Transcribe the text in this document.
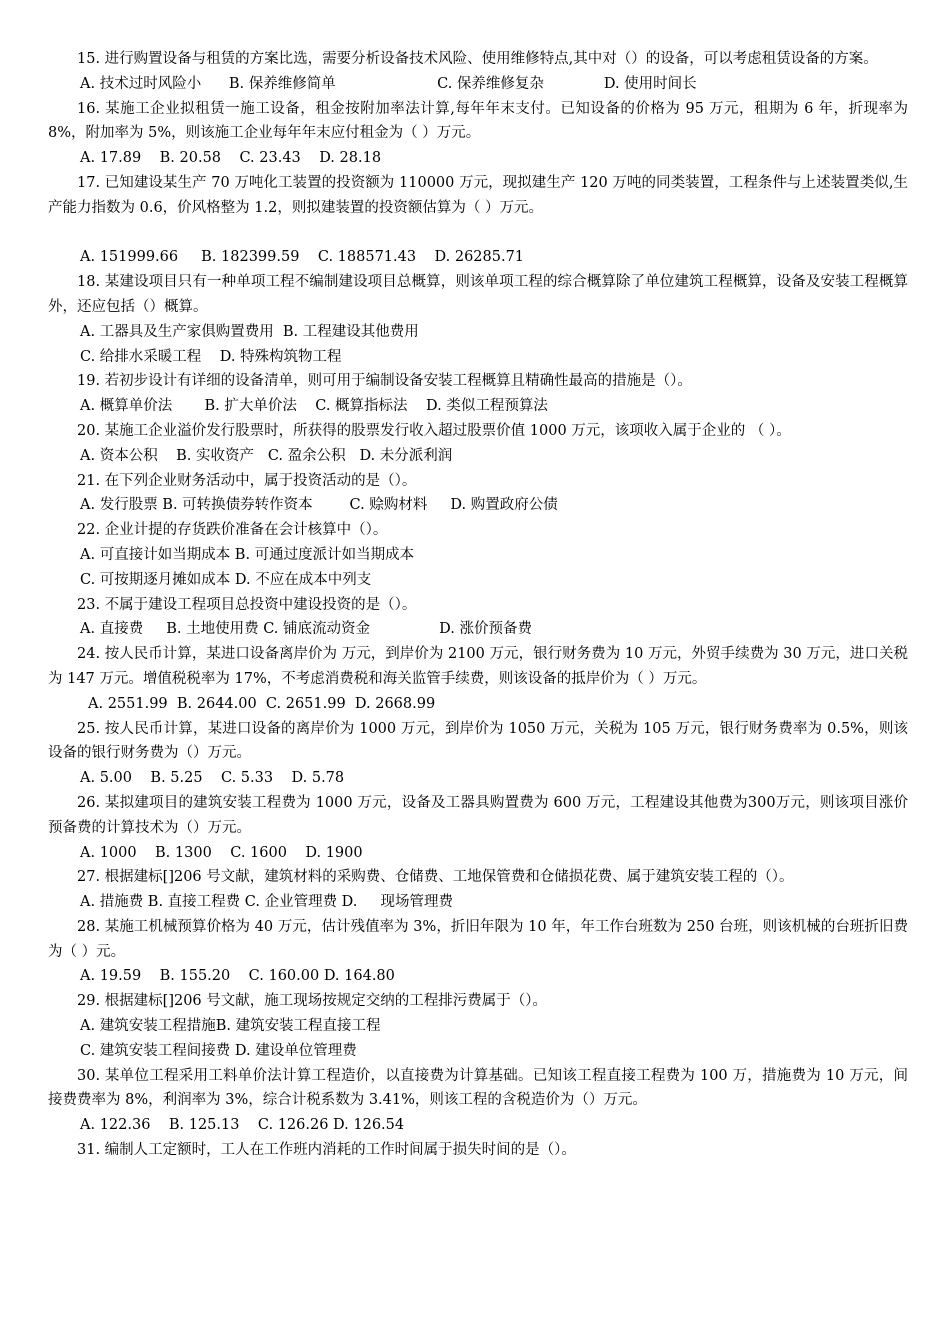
15. 进行购置设备与租赁的方案比选，需要分析设备技术风险、使用维修特点,其中对（）的设备，可以考虑租赁设备的方案。
A. 技术过时风险小      B. 保养维修简单                      C. 保养维修复杂             D. 使用时间长
16. 某施工企业拟租赁一施工设备，租金按附加率法计算,每年年末支付。已知设备的价格为 95 万元，租期为 6 年，折现率为 8%，附加率为 5%，则该施工企业每年年末应付租金为（ ）万元。
A. 17.89    B. 20.58    C. 23.43    D. 28.18
17. 已知建设某生产 70 万吨化工装置的投资额为 110000 万元，现拟建生产 120 万吨的同类装置，工程条件与上述装置类似,生产能力指数为 0.6，价风格整为 1.2，则拟建装置的投资额估算为（ ）万元。
A. 151999.66     B. 182399.59    C. 188571.43    D. 26285.71
18. 某建设项目只有一种单项工程不编制建设项目总概算，则该单项工程的综合概算除了单位建筑工程概算，设备及安装工程概算外，还应包括（）概算。
A. 工器具及生产家俱购置费用  B. 工程建设其他费用
C. 给排水采暖工程    D. 特殊构筑物工程
19. 若初步设计有详细的设备清单，则可用于编制设备安装工程概算且精确性最高的措施是（）。
A. 概算单价法       B. 扩大单价法    C. 概算指标法    D. 类似工程预算法
20. 某施工企业溢价发行股票时，所获得的股票发行收入超过股票价值 1000 万元，该项收入属于企业的 （ ）。
A. 资本公积    B. 实收资产   C. 盈余公积   D. 未分派利润
21. 在下列企业财务活动中，属于投资活动的是（）。
A. 发行股票 B. 可转换债券转作资本        C. 赊购材料     D. 购置政府公债
22. 企业计提的存货跌价准备在会计核算中（）。
A. 可直接计如当期成本 B. 可通过度派计如当期成本
C. 可按期逐月摊如成本 D. 不应在成本中列支
23. 不属于建设工程项目总投资中建设投资的是（）。
A. 直接费     B. 土地使用费 C. 铺底流动资金               D. 涨价预备费
24. 按人民币计算，某进口设备离岸价为 万元，到岸价为 2100 万元，银行财务费为 10 万元，外贸手续费为 30 万元，进口关税为 147 万元。增值税税率为 17%，不考虑消费税和海关监管手续费，则该设备的抵岸价为（ ）万元。
A. 2551.99  B. 2644.00  C. 2651.99  D. 2668.99
25. 按人民币计算，某进口设备的离岸价为 1000 万元，到岸价为 1050 万元，关税为 105 万元，银行财务费率为 0.5%，则该设备的银行财务费为（）万元。
A. 5.00    B. 5.25    C. 5.33    D. 5.78
26. 某拟建项目的建筑安装工程费为 1000 万元，设备及工器具购置费为 600 万元，工程建设其他费为300万元，则该项目涨价预备费的计算技术为（）万元。
A. 1000    B. 1300    C. 1600    D. 1900
27. 根据建标[]206 号文献，建筑材料的采购费、仓储费、工地保管费和仓储损花费、属于建筑安装工程的（）。
A. 措施费 B. 直接工程费 C. 企业管理费 D.     现场管理费
28. 某施工机械预算价格为 40 万元，估计残值率为 3%，折旧年限为 10 年，年工作台班数为 250 台班，则该机械的台班折旧费为（ ）元。
A. 19.59    B. 155.20    C. 160.00 D. 164.80
29. 根据建标[]206 号文献，施工现场按规定交纳的工程排污费属于（）。
A. 建筑安装工程措施B. 建筑安装工程直接工程
C. 建筑安装工程间接费 D. 建设单位管理费
30. 某单位工程采用工料单价法计算工程造价，以直接费为计算基础。已知该工程直接工程费为 100 万，措施费为 10 万元，间接费费率为 8%，利润率为 3%，综合计税系数为 3.41%，则该工程的含税造价为（）万元。
A. 122.36    B. 125.13    C. 126.26 D. 126.54
31. 编制人工定额时，工人在工作班内消耗的工作时间属于损失时间的是（）。
